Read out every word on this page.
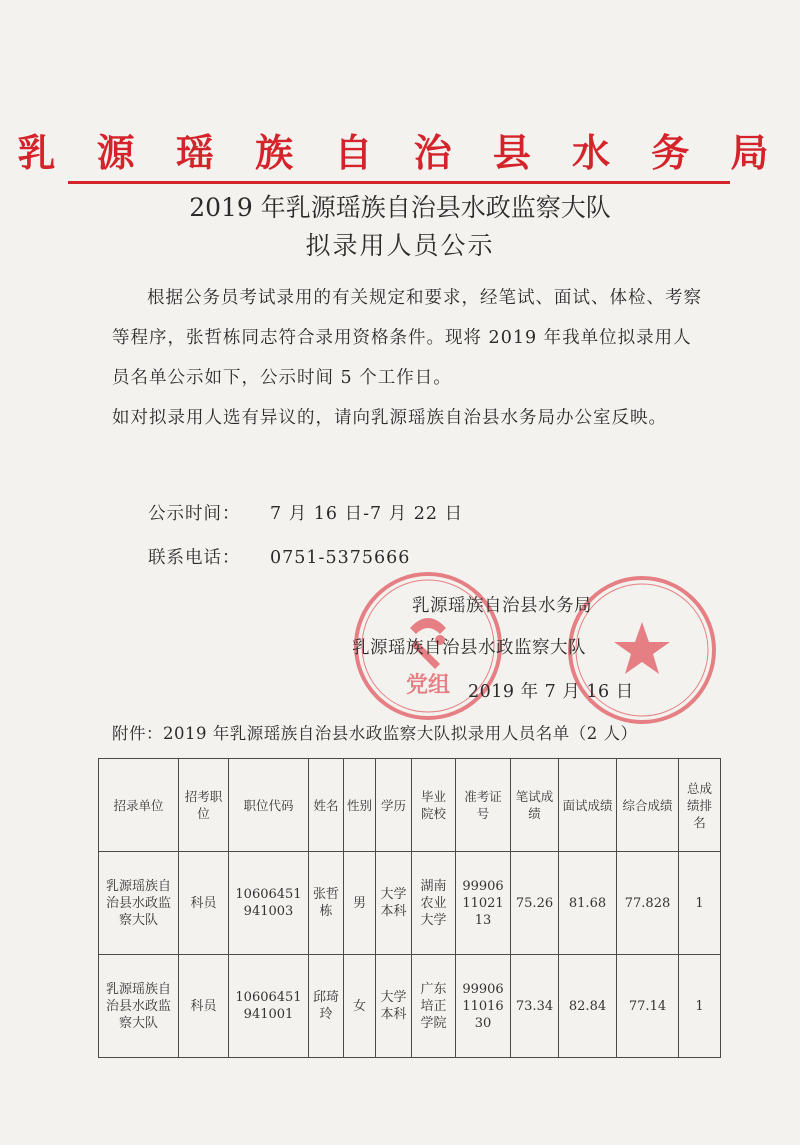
乳 源 瑶 族 自 治 县 水 务 局
2019 年乳源瑶族自治县水政监察大队
拟录用人员公示

根据公务员考试录用的有关规定和要求，经笔试、面试、体检、考察等程序，张哲栋同志符合录用资格条件。现将 2019 年我单位拟录用人员名单公示如下，公示时间 5 个工作日。

如对拟录用人选有异议的，请向乳源瑶族自治县水务局办公室反映。

公示时间： 7 月 16 日-7 月 22 日
联系电话： 0751-5375666
党组
乳源瑶族自治县水务局
乳源瑶族自治县水政监察大队
2019 年 7 月 16 日
附件：2019 年乳源瑶族自治县水政监察大队拟录用人员名单（2 人）
招录单位	招考职位	职位代码	姓名	性别	学历	毕业院校	准考证号	笔试成绩	面试成绩	综合成绩	总成绩排名
乳源瑶族自治县水政监察大队	科员	10606451941003	张哲栋	男	大学本科	湖南农业大学	9990611021 13	75.26	81.68	77.828	1
乳源瑶族自治县水政监察大队	科员	10606451941001	邱琦玲	女	大学本科	广东培正学院	9990611016 30	73.34	82.84	77.14	1
